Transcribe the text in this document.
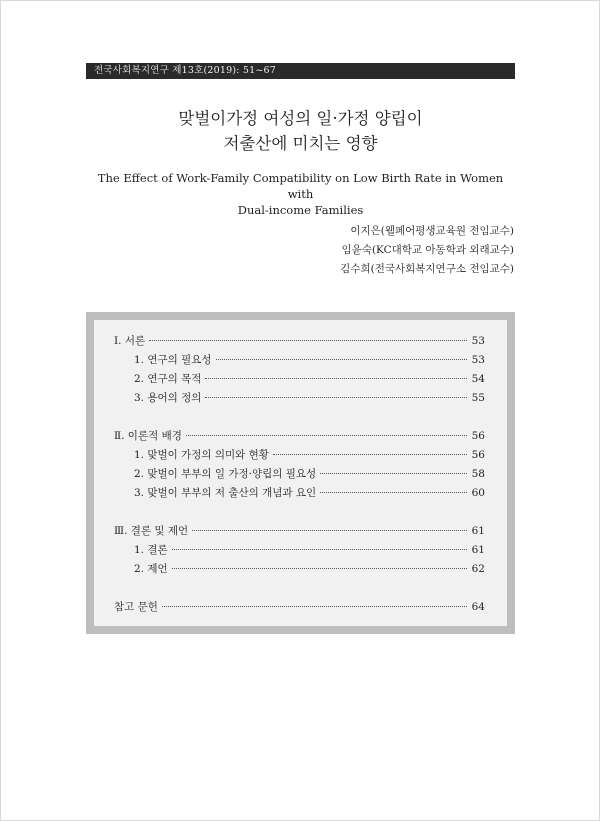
전국사회복지연구 제13호(2019): 51~67
맞벌이가정 여성의 일·가정 양립이
저출산에 미치는 영향
The Effect of Work-Family Compatibility on Low Birth Rate in Women with
Dual-income Families
이지은(웰페어평생교육원 전임교수)
임윤숙(KC대학교 아동학과 외래교수)
김수희(전국사회복지연구소 전임교수)
Ⅰ. 서론	53
1. 연구의 필요성	53
2. 연구의 목적	54
3. 용어의 정의	55
Ⅱ. 이론적 배경	56
1. 맞벌이 가정의 의미와 현황	56
2. 맞벌이 부부의 일 가정·양립의 필요성	58
3. 맞벌이 부부의 저 출산의 개념과 요인	60
Ⅲ. 결론 및 제언	61
1. 결론	61
2. 제언	62
참고 문헌	64
